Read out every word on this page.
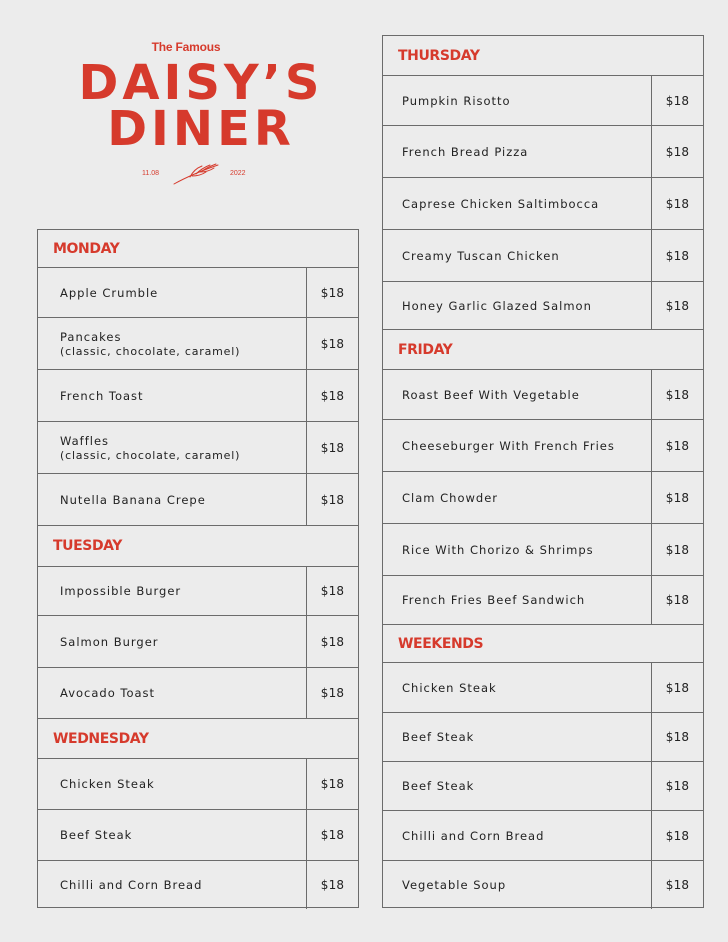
The Famous
DAISY’S
DINER
11.08	2022
MONDAY
Apple Crumble	$18
Pancakes
(classic, chocolate, caramel)
$18
French Toast	$18
Waffles
(classic, chocolate, caramel)
$18
Nutella Banana Crepe	$18
TUESDAY
Impossible Burger	$18
Salmon Burger	$18
Avocado Toast	$18
WEDNESDAY
Chicken Steak	$18
Beef Steak	$18
Chilli and Corn Bread	$18
THURSDAY
Pumpkin Risotto	$18
French Bread Pizza	$18
Caprese Chicken Saltimbocca	$18
Creamy Tuscan Chicken	$18
Honey Garlic Glazed Salmon	$18
FRIDAY
Roast Beef With Vegetable	$18
Cheeseburger With French Fries	$18
Clam Chowder	$18
Rice With Chorizo & Shrimps	$18
French Fries Beef Sandwich	$18
WEEKENDS
Chicken Steak	$18
Beef Steak	$18
Beef Steak	$18
Chilli and Corn Bread	$18
Vegetable Soup	$18
